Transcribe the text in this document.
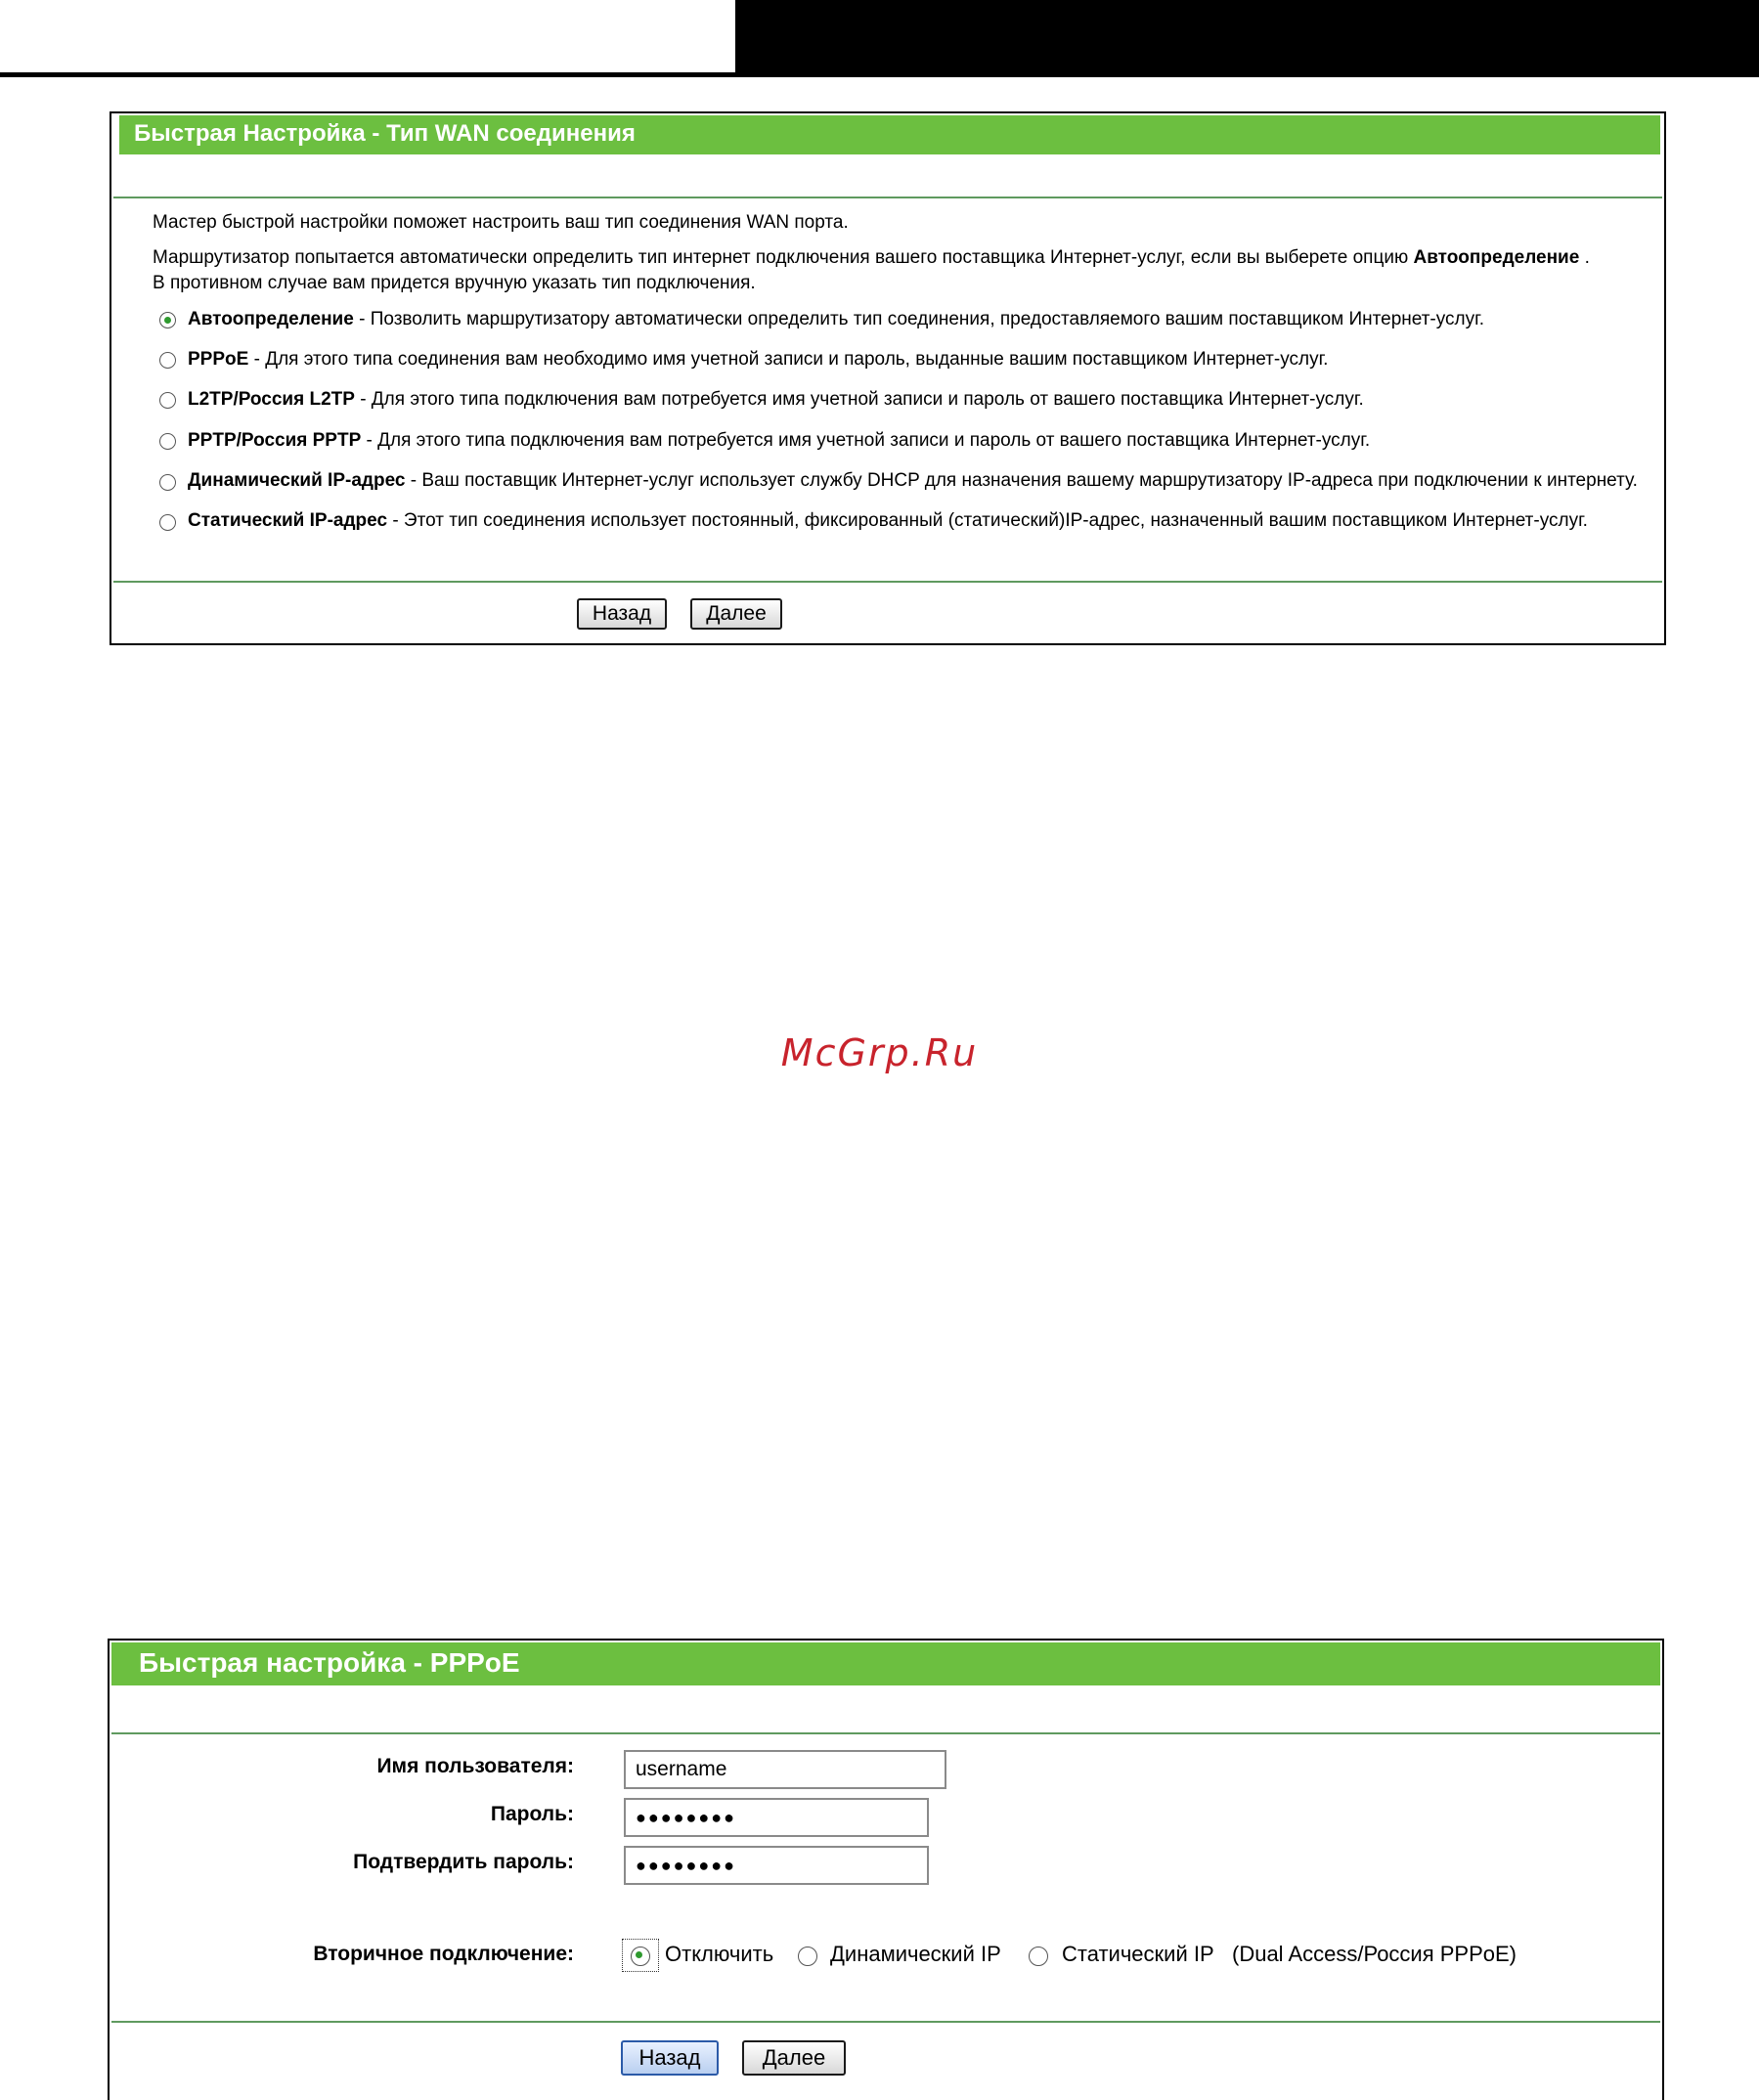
Быстрая Настройка - Тип WAN соединения
Мастер быстрой настройки поможет настроить ваш тип соединения WAN порта.
Маршрутизатор попытается автоматически определить тип интернет подключения вашего поставщика Интернет-услуг, если вы выберете опцию Автоопределение .
В противном случае вам придется вручную указать тип подключения.
Автоопределение - Позволить маршрутизатору автоматически определить тип соединения, предоставляемого вашим поставщиком Интернет-услуг.
PPPoE - Для этого типа соединения вам необходимо имя учетной записи и пароль, выданные вашим поставщиком Интернет-услуг.
L2TP/Россия L2TP - Для этого типа подключения вам потребуется имя учетной записи и пароль от вашего поставщика Интернет-услуг.
PPTP/Россия PPTP - Для этого типа подключения вам потребуется имя учетной записи и пароль от вашего поставщика Интернет-услуг.
Динамический IP-адрес - Ваш поставщик Интернет-услуг использует службу DHCP для назначения вашему маршрутизатору IP-адреса при подключении к интернету.
Статический IP-адрес - Этот тип соединения использует постоянный, фиксированный (статический)IP-адрес, назначенный вашим поставщиком Интернет-услуг.
Назад	Далее
McGrp.Ru
Быстрая настройка - PPPoE
Имя пользователя:
username
Пароль:
●●●●●●●●
Подтвердить пароль:
●●●●●●●●
Вторичное подключение:	Отключить	Динамический IP	Статический IP (Dual Access/Россия PPPoE)
Назад	Далее
